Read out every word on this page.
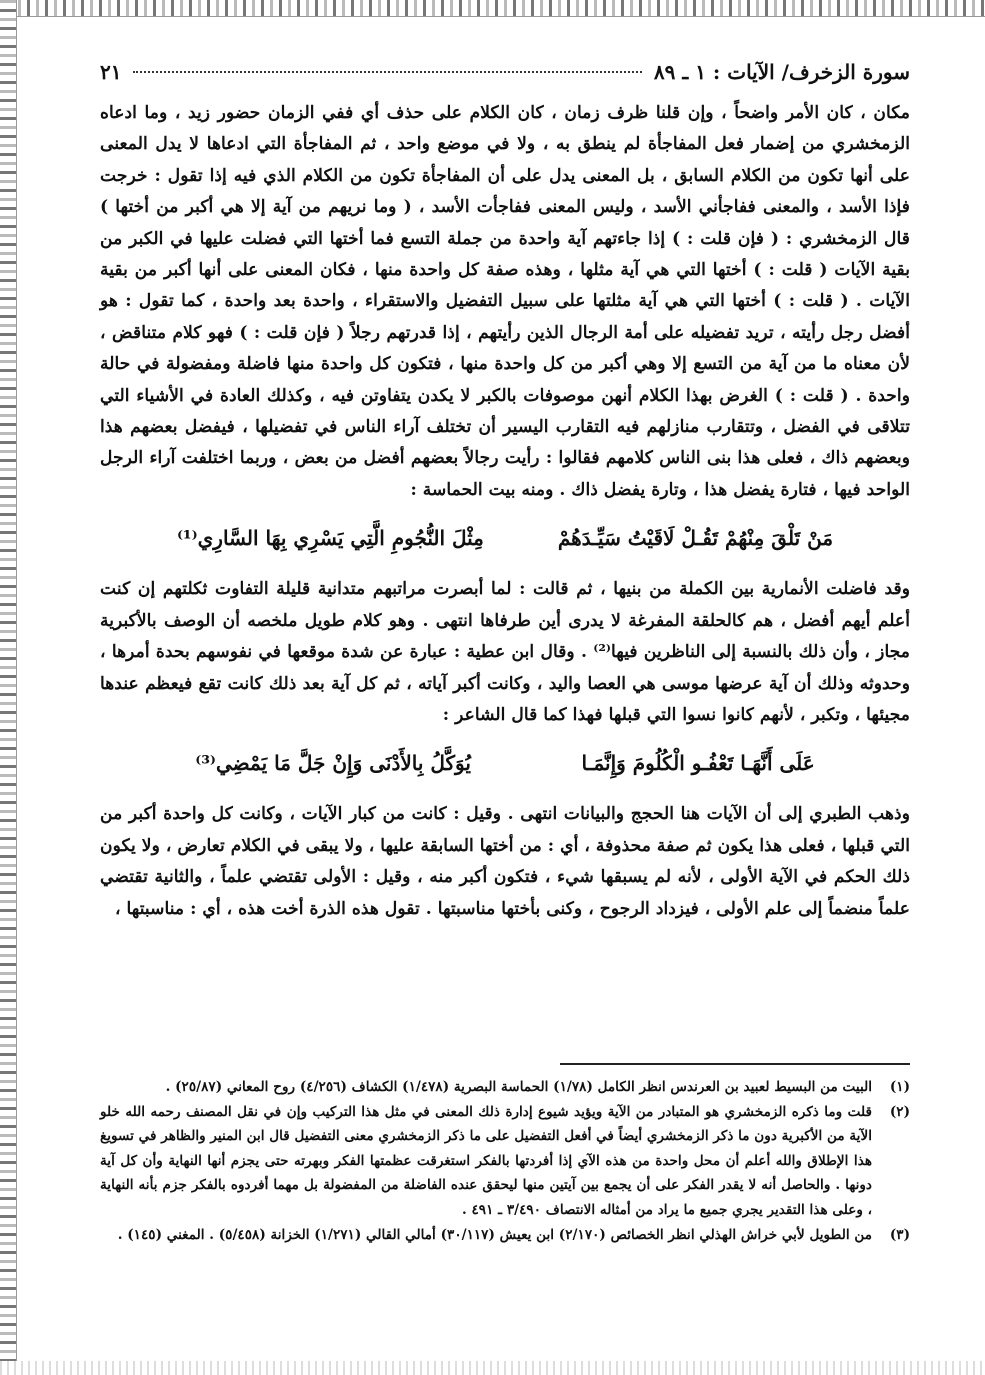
سورة الزخرف/ الآيات : ١ ـ ٨٩
٢١

مكان ، كان الأمر واضحاً ، وإن قلنا ظرف زمان ، كان الكلام على حذف أي ففي الزمان حضور زيد ، وما ادعاه الزمخشري من إضمار فعل المفاجأة لم ينطق به ، ولا في موضع واحد ، ثم المفاجأة التي ادعاها لا يدل المعنى على أنها تكون من الكلام السابق ، بل المعنى يدل على أن المفاجأة تكون من الكلام الذي فيه إذا تقول : خرجت فإذا الأسد ، والمعنى ففاجأني الأسد ، وليس المعنى ففاجأت الأسد ، ( وما نريهم من آية إلا هي أكبر من أختها ) قال الزمخشري : ( فإن قلت : ) إذا جاءتهم آية واحدة من جملة التسع فما أختها التي فضلت عليها في الكبر من بقية الآيات ( قلت : ) أختها التي هي آية مثلها ، وهذه صفة كل واحدة منها ، فكان المعنى على أنها أكبر من بقية الآيات . ( قلت : ) أختها التي هي آية مثلتها على سبيل التفضيل والاستقراء ، واحدة بعد واحدة ، كما تقول : هو أفضل رجل رأيته ، تريد تفضيله على أمة الرجال الذين رأيتهم ، إذا قدرتهم رجلاً ( فإن قلت : ) فهو كلام متناقض ، لأن معناه ما من آية من التسع إلا وهي أكبر من كل واحدة منها ، فتكون كل واحدة منها فاضلة ومفضولة في حالة واحدة . ( قلت : ) الغرض بهذا الكلام أنهن موصوفات بالكبر لا يكدن يتفاوتن فيه ، وكذلك العادة في الأشياء التي تتلاقى في الفضل ، وتتقارب منازلهم فيه التقارب اليسير أن تختلف آراء الناس في تفضيلها ، فيفضل بعضهم هذا وبعضهم ذاك ، فعلى هذا بنى الناس كلامهم فقالوا : رأيت رجالاً بعضهم أفضل من بعض ، وربما اختلفت آراء الرجل الواحد فيها ، فتارة يفضل هذا ، وتارة يفضل ذاك . ومنه بيت الحماسة :

مَنْ تَلْقَ مِنْهُمْ تَقُـلْ لَاقَيْتُ سَيِّـدَهُمْ
مِثْلَ النُّجُومِ الَّتِي يَسْرِي بِهَا السَّارِي⁽¹⁾

وقد فاضلت الأنمارية بين الكملة من بنيها ، ثم قالت : لما أبصرت مراتبهم متدانية قليلة التفاوت ثكلتهم إن كنت أعلم أيهم أفضل ، هم كالحلقة المفرغة لا يدرى أين طرفاها انتهى . وهو كلام طويل ملخصه أن الوصف بالأكبرية مجاز ، وأن ذلك بالنسبة إلى الناظرين فيها⁽²⁾ . وقال ابن عطية : عبارة عن شدة موقعها في نفوسهم بحدة أمرها ، وحدوثه وذلك أن آية عرضها موسى هي العصا واليد ، وكانت أكبر آياته ، ثم كل آية بعد ذلك كانت تقع فيعظم عندها مجيئها ، وتكبر ، لأنهم كانوا نسوا التي قبلها فهذا كما قال الشاعر :

عَلَى أَنَّهَـا تَعْفُـو الْكُلُومَ وَإِنَّمَـا
يُوَكَّلُ بِالأَدْنَى وَإِنْ جَلَّ مَا يَمْضِي⁽³⁾

وذهب الطبري إلى أن الآيات هنا الحجج والبيانات انتهى . وقيل : كانت من كبار الآيات ، وكانت كل واحدة أكبر من التي قبلها ، فعلى هذا يكون ثم صفة محذوفة ، أي : من أختها السابقة عليها ، ولا يبقى في الكلام تعارض ، ولا يكون ذلك الحكم في الآية الأولى ، لأنه لم يسبقها شيء ، فتكون أكبر منه ، وقيل : الأولى تقتضي علماً ، والثانية تقتضي علماً منضماً إلى علم الأولى ، فيزداد الرجوح ، وكنى بأختها مناسبتها . تقول هذه الذرة أخت هذه ، أي : مناسبتها ،

(١)
البيت من البسيط لعبيد بن العرندس انظر الكامل (١/٧٨) الحماسة البصرية (١/٤٧٨) الكشاف (٤/٢٥٦) روح المعاني (٢٥/٨٧) .
(٢)
قلت وما ذكره الزمخشري هو المتبادر من الآية ويؤيد شيوع إدارة ذلك المعنى في مثل هذا التركيب وإن في نقل المصنف رحمه الله خلو الآية من الأكبرية دون ما ذكر الزمخشري أيضاً في أفعل التفضيل على ما ذكر الزمخشري معنى التفضيل قال ابن المنير والظاهر في تسويغ هذا الإطلاق والله أعلم أن محل واحدة من هذه الآي إذا أفردتها بالفكر استغرقت عظمتها الفكر وبهرته حتى يجزم أنها النهاية وأن كل آية دونها . والحاصل أنه لا يقدر الفكر على أن يجمع بين آيتين منها ليحقق عنده الفاضلة من المفضولة بل مهما أفردوه بالفكر جزم بأنه النهاية ، وعلى هذا التقدير يجري جميع ما يراد من أمثاله الانتصاف ٣/٤٩٠ ـ ٤٩١ .
(٣)
من الطويل لأبي خراش الهذلي انظر الخصائص (٢/١٧٠) ابن يعيش (٣٠/١١٧) أمالي القالي (١/٢٧١) الخزانة (٥/٤٥٨) . المغني (١٤٥) .
